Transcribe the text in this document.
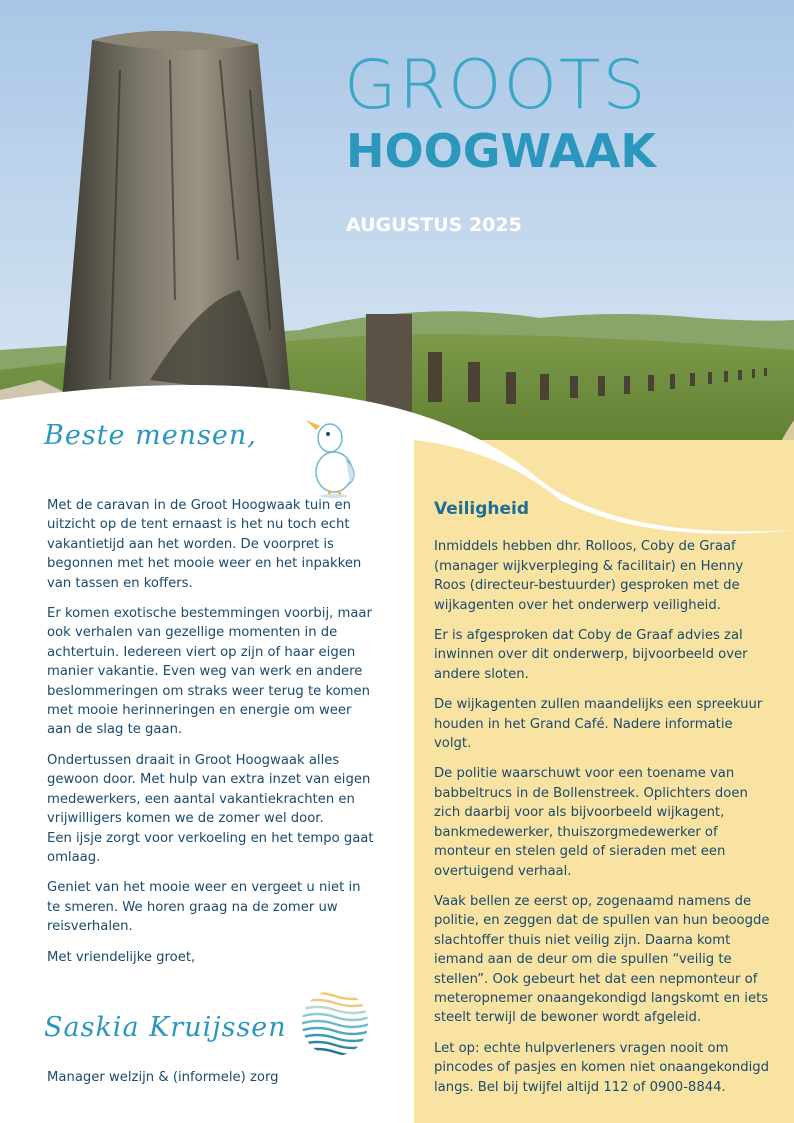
GROOTS
HOOGWAAK

AUGUSTUS 2025

Beste mensen,

Met de caravan in de Groot Hoogwaak tuin en uitzicht op de tent ernaast is het nu toch echt vakantietijd aan het worden. De voorpret is begonnen met het mooie weer en het inpakken van tassen en koffers.

Er komen exotische bestemmingen voorbij, maar ook verhalen van gezellige momenten in de achtertuin. Iedereen viert op zijn of haar eigen manier vakantie. Even weg van werk en andere beslommeringen om straks weer terug te komen met mooie herinneringen en energie om weer aan de slag te gaan.

Ondertussen draait in Groot Hoogwaak alles gewoon door. Met hulp van extra inzet van eigen medewerkers, een aantal vakantiekrachten en vrijwilligers komen we de zomer wel door.

Een ijsje zorgt voor verkoeling en het tempo gaat omlaag.

Geniet van het mooie weer en vergeet u niet in te smeren. We horen graag na de zomer uw reisverhalen.

Met vriendelijke groet,

Saskia Kruijssen

Manager welzijn & (informele) zorg

Veiligheid

Inmiddels hebben dhr. Rolloos, Coby de Graaf (manager wijkverpleging & facilitair) en Henny Roos (directeur-bestuurder) gesproken met de wijkagenten over het onderwerp veiligheid.

Er is afgesproken dat Coby de Graaf advies zal inwinnen over dit onderwerp, bijvoorbeeld over andere sloten.

De wijkagenten zullen maandelijks een spreekuur houden in het Grand Café. Nadere informatie volgt.

De politie waarschuwt voor een toename van babbeltrucs in de Bollenstreek. Oplichters doen zich daarbij voor als bijvoorbeeld wijkagent, bankmedewerker, thuiszorgmedewerker of monteur en stelen geld of sieraden met een overtuigend verhaal.

Vaak bellen ze eerst op, zogenaamd namens de politie, en zeggen dat de spullen van hun beoogde slachtoffer thuis niet veilig zijn. Daarna komt iemand aan de deur om die spullen “veilig te stellen”. Ook gebeurt het dat een nepmonteur of meteropnemer onaangekondigd langskomt en iets steelt terwijl de bewoner wordt afgeleid.

Let op: echte hulpverleners vragen nooit om pincodes of pasjes en komen niet onaangekondigd langs. Bel bij twijfel altijd 112 of 0900-8844.
